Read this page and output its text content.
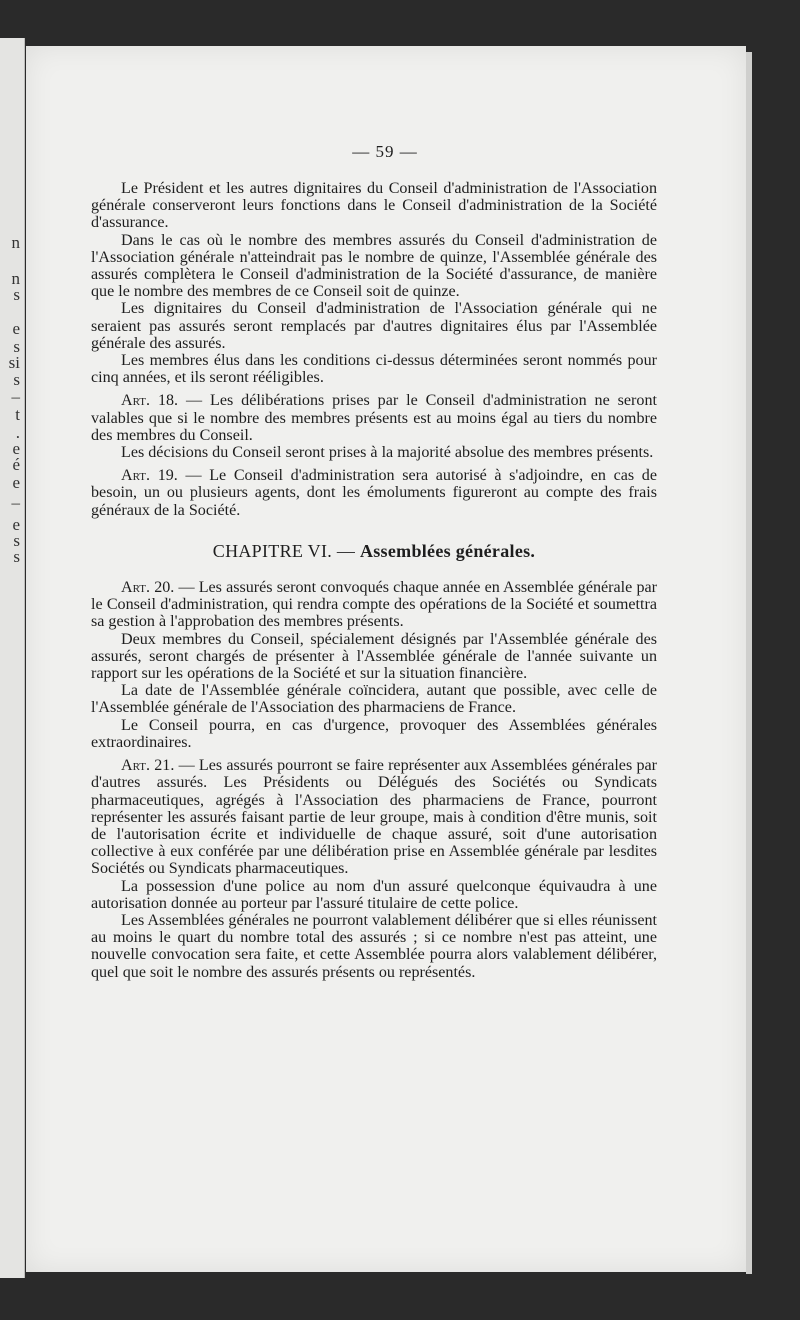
n
n
s
e
s
si
s
–
t
.
e
é
e
–
e
s
s
— 59 —

Le Président et les autres dignitaires du Conseil d'administration de l'Association générale conserveront leurs fonctions dans le Conseil d'administration de la Société d'assurance.

Dans le cas où le nombre des membres assurés du Conseil d'administration de l'Association générale n'atteindrait pas le nombre de quinze, l'Assemblée générale des assurés complètera le Conseil d'administration de la Société d'assurance, de manière que le nombre des membres de ce Conseil soit de quinze.

Les dignitaires du Conseil d'administration de l'Association générale qui ne seraient pas assurés seront remplacés par d'autres dignitaires élus par l'Assemblée générale des assurés.

Les membres élus dans les conditions ci-dessus déterminées seront nommés pour cinq années, et ils seront rééligibles.

Art. 18. — Les délibérations prises par le Conseil d'administration ne seront valables que si le nombre des membres présents est au moins égal au tiers du nombre des membres du Conseil.

Les décisions du Conseil seront prises à la majorité absolue des membres présents.

Art. 19. — Le Conseil d'administration sera autorisé à s'adjoindre, en cas de besoin, un ou plusieurs agents, dont les émoluments figureront au compte des frais généraux de la Société.

CHAPITRE VI. — Assemblées générales.

Art. 20. — Les assurés seront convoqués chaque année en Assemblée générale par le Conseil d'administration, qui rendra compte des opérations de la Société et soumettra sa gestion à l'approbation des membres présents.

Deux membres du Conseil, spécialement désignés par l'Assemblée générale des assurés, seront chargés de présenter à l'Assemblée générale de l'année suivante un rapport sur les opérations de la Société et sur la situation financière.

La date de l'Assemblée générale coïncidera, autant que possible, avec celle de l'Assemblée générale de l'Association des pharmaciens de France.

Le Conseil pourra, en cas d'urgence, provoquer des Assemblées générales extraordinaires.

Art. 21. — Les assurés pourront se faire représenter aux Assemblées générales par d'autres assurés. Les Présidents ou Délégués des Sociétés ou Syndicats pharmaceutiques, agrégés à l'Association des pharmaciens de France, pourront représenter les assurés faisant partie de leur groupe, mais à condition d'être munis, soit de l'autorisation écrite et individuelle de chaque assuré, soit d'une autorisation collective à eux conférée par une délibération prise en Assemblée générale par lesdites Sociétés ou Syndicats pharmaceutiques.

La possession d'une police au nom d'un assuré quelconque équivaudra à une autorisation donnée au porteur par l'assuré titulaire de cette police.

Les Assemblées générales ne pourront valablement délibérer que si elles réunissent au moins le quart du nombre total des assurés ; si ce nombre n'est pas atteint, une nouvelle convocation sera faite, et cette Assemblée pourra alors valablement délibérer, quel que soit le nombre des assurés présents ou représentés.
